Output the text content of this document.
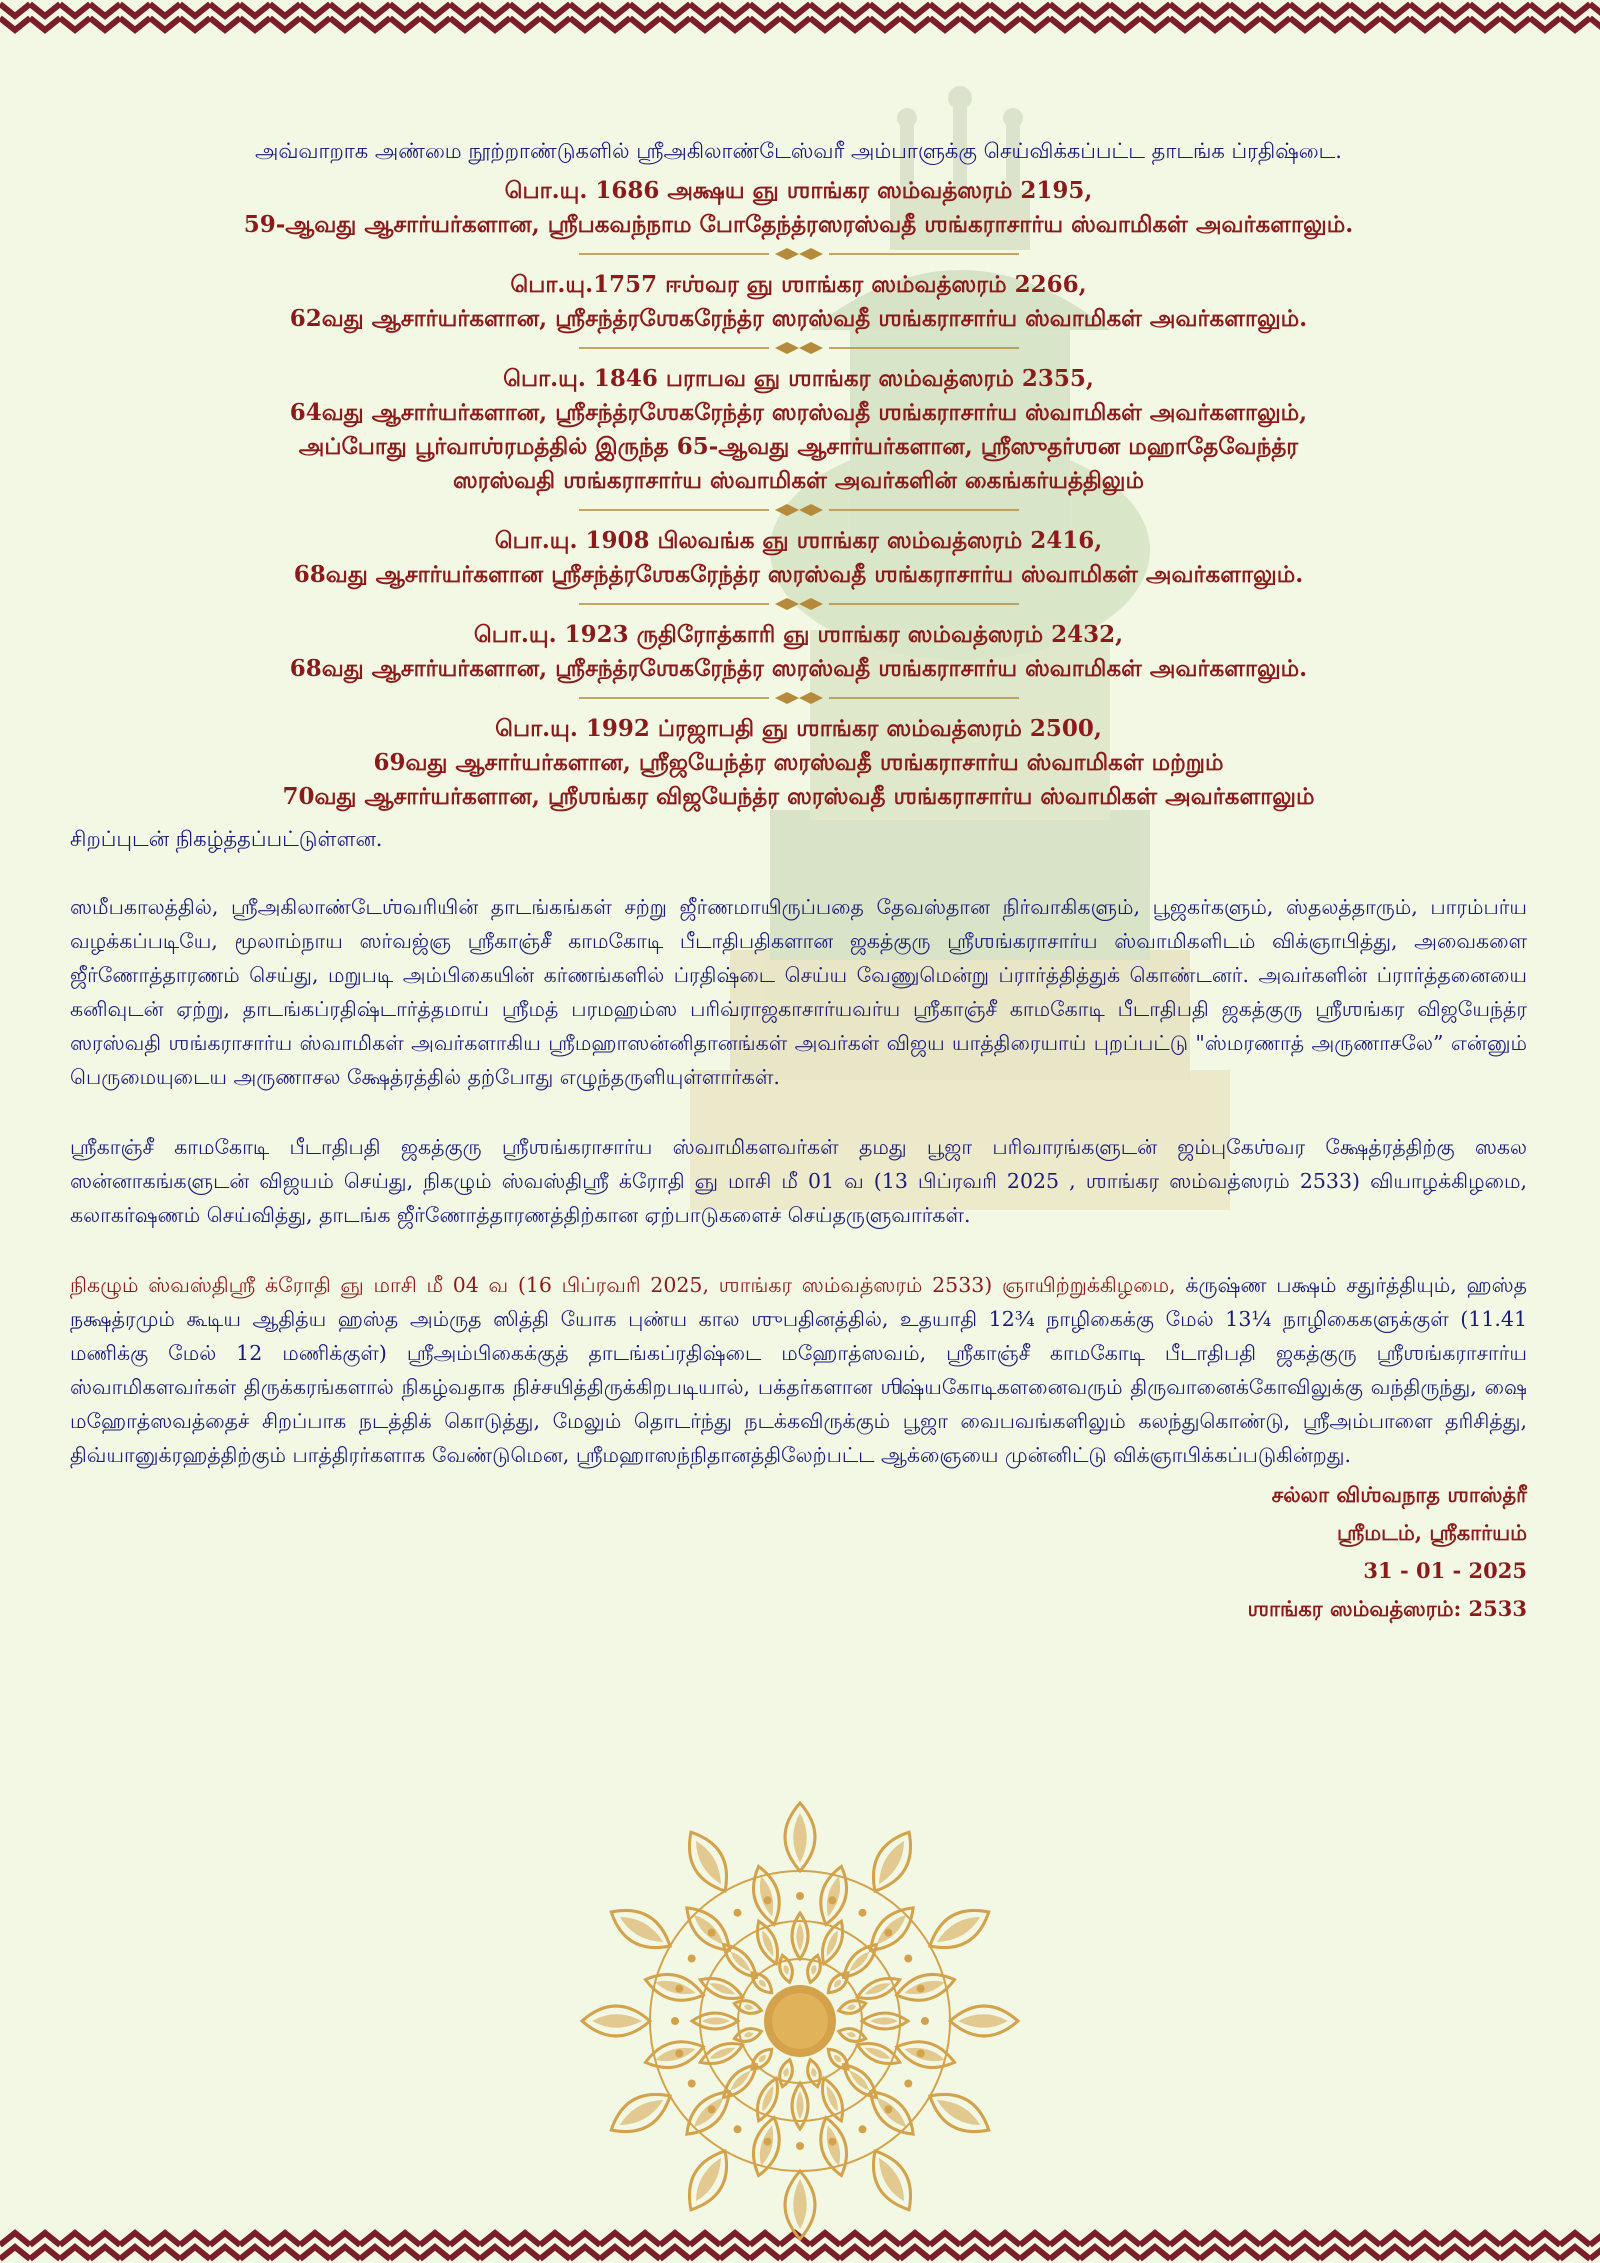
அவ்வாறாக அண்மை நூற்றாண்டுகளில் ஸ்ரீஅகிலாண்டேஸ்வரீ அம்பாளுக்கு செய்விக்கப்பட்ட தாடங்க ப்ரதிஷ்டை.

பொ.யு. 1686 அக்ஷய ஞு ஶாங்கர ஸம்வத்ஸரம் 2195,
59-ஆவது ஆசார்யர்களான, ஸ்ரீபகவந்நாம போதேந்த்ரஸரஸ்வதீ ஶங்கராசார்ய ஸ்வாமிகள் அவர்களாலும்.
பொ.யு.1757 ஈஶ்வர ஞு ஶாங்கர ஸம்வத்ஸரம் 2266,
62வது ஆசார்யர்களான, ஸ்ரீசந்த்ரஶேகரேந்த்ர ஸரஸ்வதீ ஶங்கராசார்ய ஸ்வாமிகள் அவர்களாலும்.
பொ.யு. 1846 பராபவ ஞு ஶாங்கர ஸம்வத்ஸரம் 2355,
64வது ஆசார்யர்களான, ஸ்ரீசந்த்ரஶேகரேந்த்ர ஸரஸ்வதீ ஶங்கராசார்ய ஸ்வாமிகள் அவர்களாலும்,
அப்போது பூர்வாஶ்ரமத்தில் இருந்த 65-ஆவது ஆசார்யர்களான, ஸ்ரீஸுதர்ஶன மஹாதேவேந்த்ர
ஸரஸ்வதி ஶங்கராசார்ய ஸ்வாமிகள் அவர்களின் கைங்கர்யத்திலும்
பொ.யு. 1908 பிலவங்க ஞு ஶாங்கர ஸம்வத்ஸரம் 2416,
68வது ஆசார்யர்களான ஸ்ரீசந்த்ரஶேகரேந்த்ர ஸரஸ்வதீ ஶங்கராசார்ய ஸ்வாமிகள் அவர்களாலும்.
பொ.யு. 1923 ருதிரோத்காரி ஞு ஶாங்கர ஸம்வத்ஸரம் 2432,
68வது ஆசார்யர்களான, ஸ்ரீசந்த்ரஶேகரேந்த்ர ஸரஸ்வதீ ஶங்கராசார்ய ஸ்வாமிகள் அவர்களாலும்.
பொ.யு. 1992 ப்ரஜாபதி ஞு ஶாங்கர ஸம்வத்ஸரம் 2500,
69வது ஆசார்யர்களான, ஸ்ரீஜயேந்த்ர ஸரஸ்வதீ ஶங்கராசார்ய ஸ்வாமிகள் மற்றும்
70வது ஆசார்யர்களான, ஸ்ரீஶங்கர விஜயேந்த்ர ஸரஸ்வதீ ஶங்கராசார்ய ஸ்வாமிகள் அவர்களாலும்

சிறப்புடன் நிகழ்த்தப்பட்டுள்ளன.

ஸமீபகாலத்தில், ஸ்ரீஅகிலாண்டேஶ்வரியின் தாடங்கங்கள் சற்று ஜீர்ணமாயிருப்பதை தேவஸ்தான நிர்வாகிகளும், பூஜகர்களும், ஸ்தலத்தாரும், பாரம்பர்ய வழக்கப்படியே, மூலாம்நாய ஸர்வஜ்ஞ ஸ்ரீகாஞ்சீ காமகோடி பீடாதிபதிகளான ஜகத்குரு ஸ்ரீஶங்கராசார்ய ஸ்வாமிகளிடம் விக்ஞாபித்து, அவைகளை ஜீர்ணோத்தாரணம் செய்து, மறுபடி அம்பிகையின் கர்ணங்களில் ப்ரதிஷ்டை செய்ய வேணுமென்று ப்ரார்த்தித்துக் கொண்டனர். அவர்களின் ப்ரார்த்தனையை கனிவுடன் ஏற்று, தாடங்கப்ரதிஷ்டார்த்தமாய் ஸ்ரீமத் பரமஹம்ஸ பரிவ்ராஜகாசார்யவர்ய ஸ்ரீகாஞ்சீ காமகோடி பீடாதிபதி ஜகத்குரு ஸ்ரீஶங்கர விஜயேந்த்ர ஸரஸ்வதி ஶங்கராசார்ய ஸ்வாமிகள் அவர்களாகிய ஸ்ரீமஹாஸன்னிதானங்கள் அவர்கள் விஜய யாத்திரையாய் புறப்பட்டு "ஸ்மரணாத் அருணாசலே” என்னும் பெருமையுடைய அருணாசல க்ஷேத்ரத்தில் தற்போது எழுந்தருளியுள்ளார்கள்.

ஸ்ரீகாஞ்சீ காமகோடி பீடாதிபதி ஜகத்குரு ஸ்ரீஶங்கராசார்ய ஸ்வாமிகளவர்கள் தமது பூஜா பரிவாரங்களுடன் ஜம்புகேஶ்வர க்ஷேத்ரத்திற்கு ஸகல ஸன்னாகங்களுடன் விஜயம் செய்து, நிகழும் ஸ்வஸ்திஸ்ரீ க்ரோதி ஞு மாசி மீ 01 வ (13 பிப்ரவரி 2025 , ஶாங்கர ஸம்வத்ஸரம் 2533) வியாழக்கிழமை, கலாகர்ஷணம் செய்வித்து, தாடங்க ஜீர்ணோத்தாரணத்திற்கான ஏற்பாடுகளைச் செய்தருளுவார்கள்.

நிகழும் ஸ்வஸ்திஸ்ரீ க்ரோதி ஞு மாசி மீ 04 வ (16 பிப்ரவரி 2025, ஶாங்கர ஸம்வத்ஸரம் 2533) ஞாயிற்றுக்கிழமை, க்ருஷ்ண பக்ஷம் சதுர்த்தியும், ஹஸ்த நக்ஷத்ரமும் கூடிய ஆதித்ய ஹஸ்த அம்ருத ஸித்தி யோக புண்ய கால ஶுபதினத்தில், உதயாதி 12¾ நாழிகைக்கு மேல் 13¼ நாழிகைகளுக்குள் (11.41 மணிக்கு மேல் 12 மணிக்குள்) ஸ்ரீஅம்பிகைக்குத் தாடங்கப்ரதிஷ்டை மஹோத்ஸவம், ஸ்ரீகாஞ்சீ காமகோடி பீடாதிபதி ஜகத்குரு ஸ்ரீஶங்கராசார்ய ஸ்வாமிகளவர்கள் திருக்கரங்களால் நிகழ்வதாக நிச்சயித்திருக்கிறபடியால், பக்தர்களான ஶிஷ்யகோடிகளனைவரும் திருவானைக்கோவிலுக்கு வந்திருந்து, ஷை மஹோத்ஸவத்தைச் சிறப்பாக நடத்திக் கொடுத்து, மேலும் தொடர்ந்து நடக்கவிருக்கும் பூஜா வைபவங்களிலும் கலந்துகொண்டு, ஸ்ரீஅம்பாளை தரிசித்து, திவ்யானுக்ரஹத்திற்கும் பாத்திரர்களாக வேண்டுமென, ஸ்ரீமஹாஸந்நிதானத்திலேற்பட்ட ஆக்ஞையை முன்னிட்டு விக்ஞாபிக்கப்படுகின்றது.

சல்லா விஶ்வநாத ஶாஸ்த்ரீ
ஸ்ரீமடம், ஸ்ரீகார்யம்
31 - 01 - 2025
ஶாங்கர ஸம்வத்ஸரம்: 2533
